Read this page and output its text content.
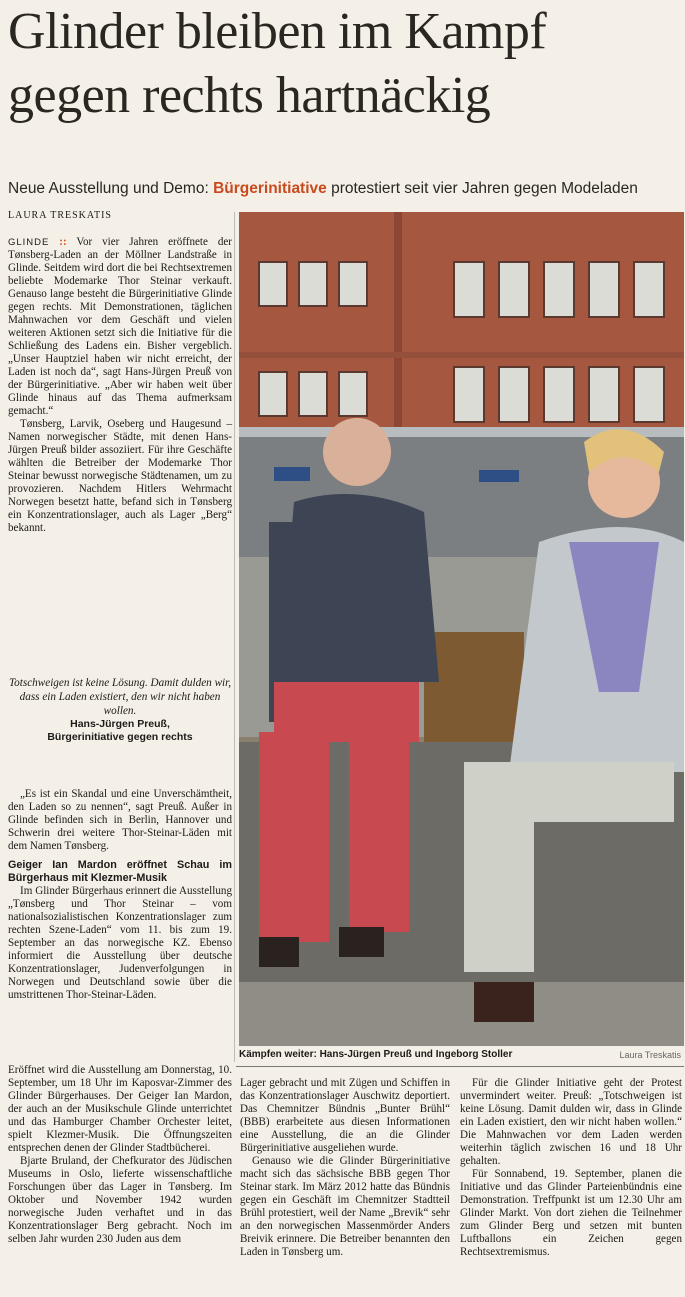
Glinder bleiben im Kampf
gegen rechts hartnäckig
Neue Ausstellung und Demo: Bürgerinitiative protestiert seit vier Jahren gegen Modeladen
LAURA TRESKATIS

GLINDE :: Vor vier Jahren eröffnete der Tønsberg-Laden an der Möllner Landstraße in Glinde. Seitdem wird dort die bei Rechtsextremen beliebte Modemarke Thor Steinar verkauft. Genauso lange besteht die Bürgerinitiative Glinde gegen rechts. Mit Demonstrationen, täglichen Mahnwachen vor dem Geschäft und vielen weiteren Aktionen setzt sich die Initiative für die Schließung des Ladens ein. Bisher vergeblich. „Unser Hauptziel haben wir nicht erreicht, der Laden ist noch da“, sagt Hans-Jürgen Preuß von der Bürgerinitiative. „Aber wir haben weit über Glinde hinaus auf das Thema aufmerksam gemacht.“

Tønsberg, Larvik, Oseberg und Haugesund – Namen norwegischer Städte, mit denen Hans-Jürgen Preuß bilder assoziiert. Für ihre Geschäfte wählten die Betreiber der Modemarke Thor Steinar bewusst norwegische Städtenamen, um zu provozieren. Nachdem Hitlers Wehrmacht Norwegen besetzt hatte, befand sich in Tønsberg ein Konzentrationslager, auch als Lager „Berg“ bekannt.

Totschweigen ist keine Lösung. Damit dulden wir, dass ein Laden existiert, den wir nicht haben wollen.
Hans-Jürgen Preuß,
Bürgerinitiative gegen rechts

„Es ist ein Skandal und eine Unverschämtheit, den Laden so zu nennen“, sagt Preuß. Außer in Glinde befinden sich in Berlin, Hannover und Schwerin drei weitere Thor-Steinar-Läden mit dem Namen Tønsberg.

Geiger Ian Mardon eröffnet Schau im Bürgerhaus mit Klezmer-Musik

Im Glinder Bürgerhaus erinnert die Ausstellung „Tønsberg und Thor Steinar – vom nationalsozialistischen Konzentrationslager zum rechten Szene-Laden“ vom 11. bis zum 19. September an das norwegische KZ. Ebenso informiert die Ausstellung über deutsche Konzentrationslager, Judenverfolgungen in Norwegen und Deutschland sowie über die umstrittenen Thor-Steinar-Läden.

Kämpfen weiter: Hans-Jürgen Preuß und Ingeborg Stoller	Laura Treskatis

Eröffnet wird die Ausstellung am Donnerstag, 10. September, um 18 Uhr im Kaposvar-Zimmer des Glinder Bürgerhauses. Der Geiger Ian Mardon, der auch an der Musikschule Glinde unterrichtet und das Hamburger Chamber Orchester leitet, spielt Klezmer-Musik. Die Öffnungszeiten entsprechen denen der Glinder Stadtbücherei.

Bjarte Bruland, der Chefkurator des Jüdischen Museums in Oslo, lieferte wissenschaftliche Forschungen über das Lager in Tønsberg. Im Oktober und November 1942 wurden norwegische Juden verhaftet und in das Konzentrationslager Berg gebracht. Noch im selben Jahr wurden 230 Juden aus dem

Lager gebracht und mit Zügen und Schiffen in das Konzentrationslager Auschwitz deportiert. Das Chemnitzer Bündnis „Bunter Brühl“ (BBB) erarbeitete aus diesen Informationen eine Ausstellung, die an die Glinder Bürgerinitiative ausgeliehen wurde.

Genauso wie die Glinder Bürgerinitiative macht sich das sächsische BBB gegen Thor Steinar stark. Im März 2012 hatte das Bündnis gegen ein Geschäft im Chemnitzer Stadtteil Brühl protestiert, weil der Name „Brevik“ sehr an den norwegischen Massenmörder Anders Breivik erinnere. Die Betreiber benannten den Laden in Tønsberg um.

Für die Glinder Initiative geht der Protest unvermindert weiter. Preuß: „Totschweigen ist keine Lösung. Damit dulden wir, dass in Glinde ein Laden existiert, den wir nicht haben wollen.“ Die Mahnwachen vor dem Laden werden weiterhin täglich zwischen 16 und 18 Uhr gehalten.

Für Sonnabend, 19. September, planen die Initiative und das Glinder Parteienbündnis eine Demonstration. Treffpunkt ist um 12.30 Uhr am Glinder Markt. Von dort ziehen die Teilnehmer zum Glinder Berg und setzen mit bunten Luftballons ein Zeichen gegen Rechtsextremismus.
